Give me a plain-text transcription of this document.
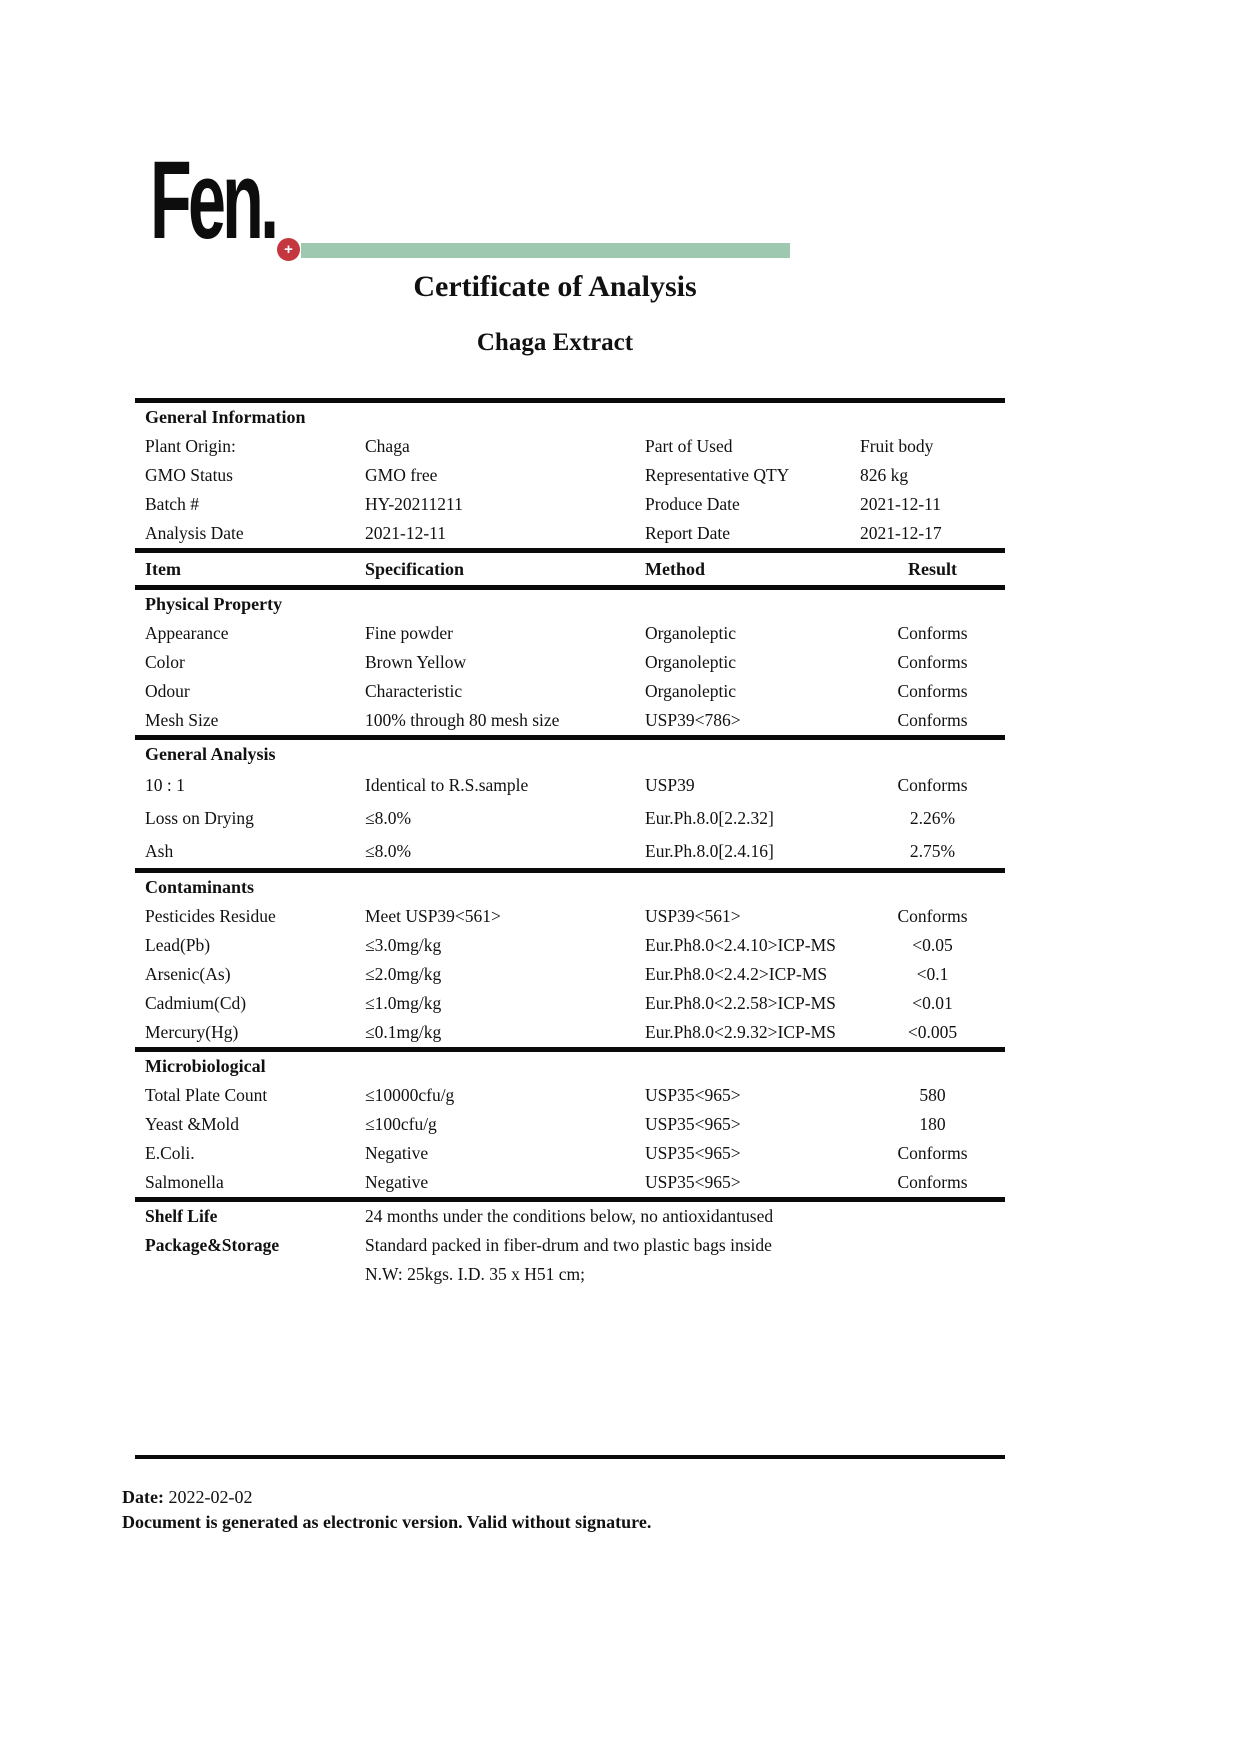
Fen. +
Certificate of Analysis
Chaga Extract
General Information
Plant Origin:	Chaga	Part of Used	Fruit body
GMO Status	GMO free	Representative QTY	826 kg
Batch #	HY-20211211	Produce Date	2021-12-11
Analysis Date	2021-12-11	Report Date	2021-12-17
Item	Specification	Method	Result
Physical Property
Appearance	Fine powder	Organoleptic	Conforms
Color	Brown Yellow	Organoleptic	Conforms
Odour	Characteristic	Organoleptic	Conforms
Mesh Size	100% through 80 mesh size	USP39<786>	Conforms
General Analysis
10 : 1	Identical to R.S.sample	USP39	Conforms
Loss on Drying	≤8.0%	Eur.Ph.8.0[2.2.32]	2.26%
Ash	≤8.0%	Eur.Ph.8.0[2.4.16]	2.75%
Contaminants
Pesticides Residue	Meet USP39<561>	USP39<561>	Conforms
Lead(Pb)	≤3.0mg/kg	Eur.Ph8.0<2.4.10>ICP-MS	<0.05
Arsenic(As)	≤2.0mg/kg	Eur.Ph8.0<2.4.2>ICP-MS	<0.1
Cadmium(Cd)	≤1.0mg/kg	Eur.Ph8.0<2.2.58>ICP-MS	<0.01
Mercury(Hg)	≤0.1mg/kg	Eur.Ph8.0<2.9.32>ICP-MS	<0.005
Microbiological
Total Plate Count	≤10000cfu/g	USP35<965>	580
Yeast &Mold	≤100cfu/g	USP35<965>	180
E.Coli.	Negative	USP35<965>	Conforms
Salmonella	Negative	USP35<965>	Conforms
Shelf Life	24 months under the conditions below, no antioxidantused
Package&Storage	Standard packed in fiber-drum and two plastic bags inside
N.W: 25kgs. I.D. 35 x H51 cm;
Date: 2022-02-02
Document is generated as electronic version. Valid without signature.
